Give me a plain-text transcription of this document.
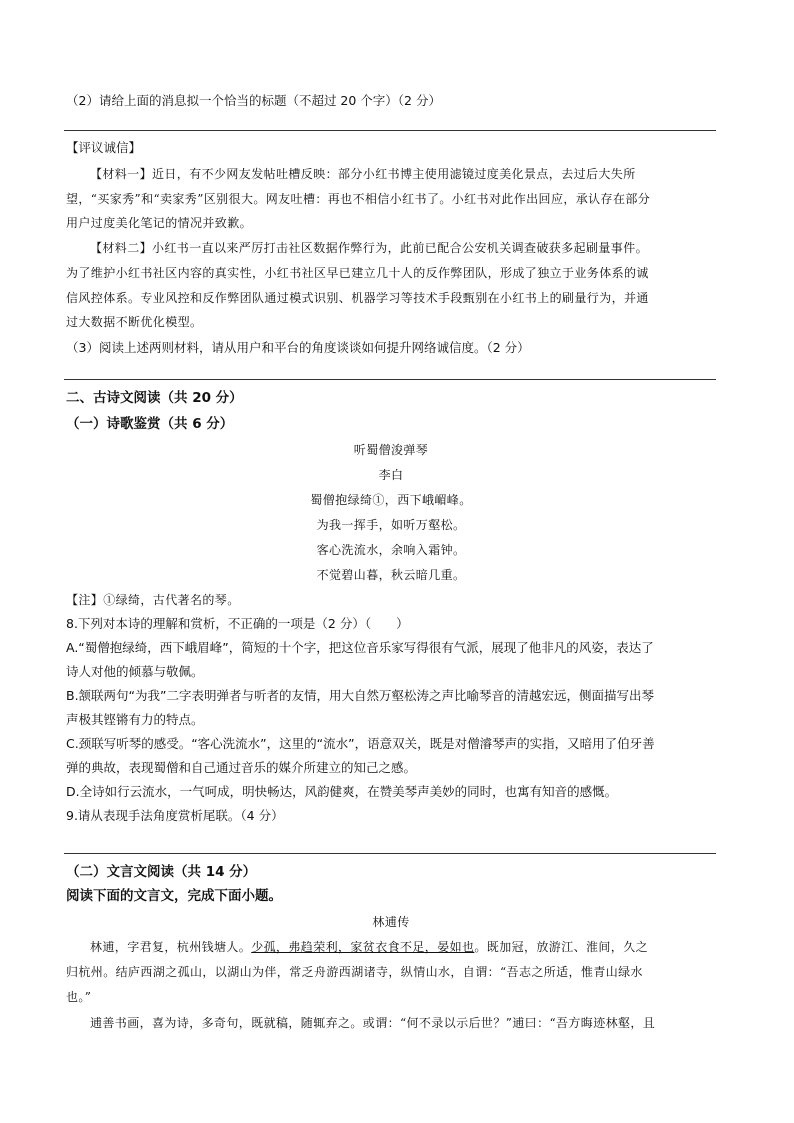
（2）请给上面的消息拟一个恰当的标题（不超过 20 个字）（2 分）
【评议诚信】
【材料一】近日，有不少网友发帖吐槽反映：部分小红书博主使用滤镜过度美化景点，去过后大失所
望，“买家秀”和“卖家秀”区别很大。网友吐槽：再也不相信小红书了。小红书对此作出回应，承认存在部分
用户过度美化笔记的情况并致歉。
【材料二】小红书一直以来严厉打击社区数据作弊行为，此前已配合公安机关调查破获多起刷量事件。
为了维护小红书社区内容的真实性，小红书社区早已建立几十人的反作弊团队，形成了独立于业务体系的诚
信风控体系。专业风控和反作弊团队通过模式识别、机器学习等技术手段甄别在小红书上的刷量行为，并通
过大数据不断优化模型。
（3）阅读上述两则材料，请从用户和平台的角度谈谈如何提升网络诚信度。（2 分）
二、古诗文阅读（共 20 分）
（一）诗歌鉴赏（共 6 分）
听蜀僧浚弹琴
李白
蜀僧抱绿绮①，西下峨嵋峰。
为我一挥手，如听万壑松。
客心洗流水，余响入霜钟。
不觉碧山暮，秋云暗几重。
【注】①绿绮，古代著名的琴。
8.下列对本诗的理解和赏析，不正确的一项是（2 分）（　　）
A.“蜀僧抱绿绮，西下峨眉峰”，简短的十个字，把这位音乐家写得很有气派，展现了他非凡的风姿，表达了
诗人对他的倾慕与敬佩。
B.颔联两句“为我”二字表明弹者与听者的友情，用大自然万壑松涛之声比喻琴音的清越宏远，侧面描写出琴
声极其铿锵有力的特点。
C.颈联写听琴的感受。“客心洗流水”，这里的“流水”，语意双关，既是对僧濬琴声的实指，又暗用了伯牙善
弹的典故，表现蜀僧和自己通过音乐的媒介所建立的知己之感。
D.全诗如行云流水，一气呵成，明快畅达，风韵健爽，在赞美琴声美妙的同时，也寓有知音的感慨。
9.请从表现手法角度赏析尾联。（4 分）
（二）文言文阅读（共 14 分）
阅读下面的文言文，完成下面小题。
林逋传
林逋，字君复，杭州钱塘人。少孤，弗趋荣利，家贫衣食不足，晏如也。既加冠，放游江、淮间，久之
归杭州。结庐西湖之孤山，以湖山为伴，常乏舟游西湖诸寺，纵情山水，自谓：“吾志之所适，惟青山绿水
也。”
逋善书画，喜为诗，多奇句，既就稿，随辄弃之。或谓：“何不录以示后世？”逋曰：“吾方晦迹林壑，且
